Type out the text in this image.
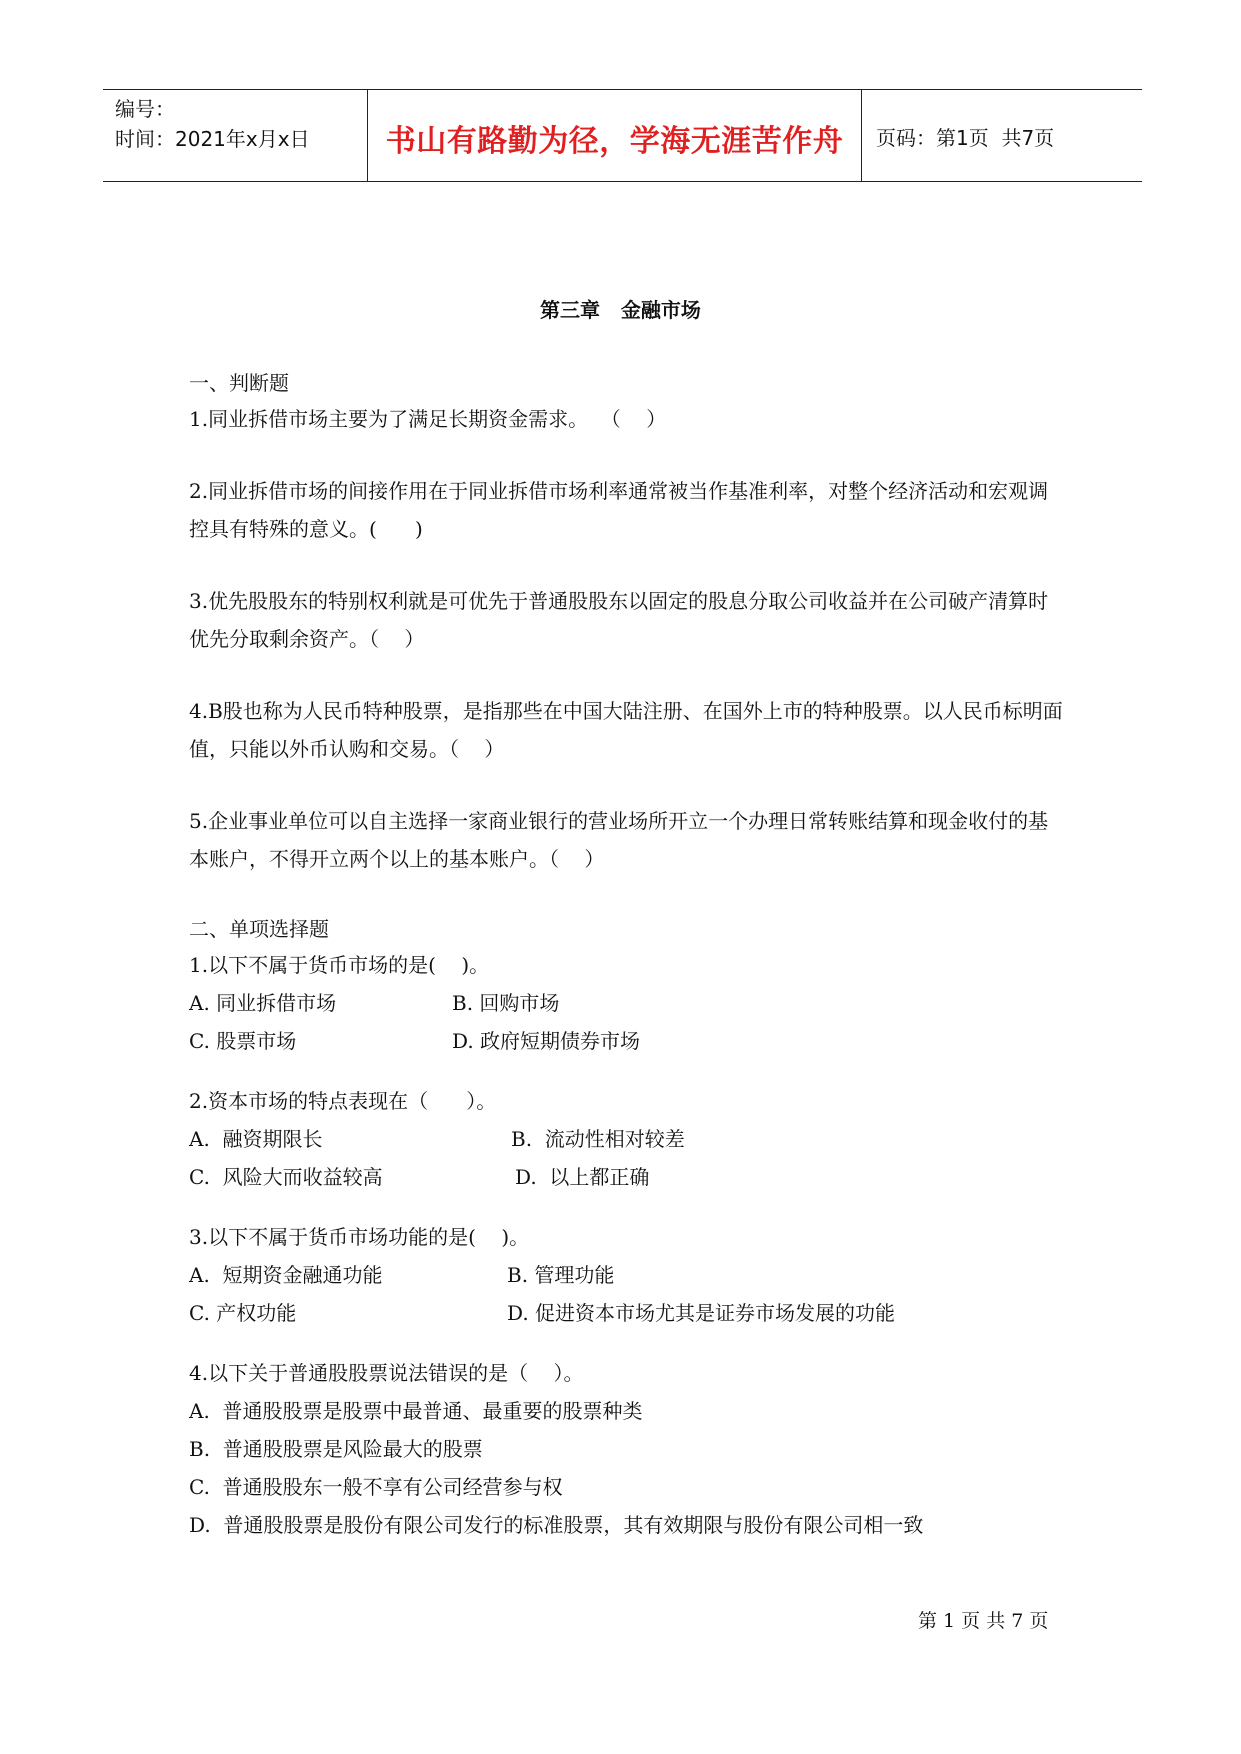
编号：
时间：2021年x月x日	书山有路勤为径，学海无涯苦作舟	页码：第1页  共7页
第三章   金融市场

一、判断题

1.同业拆借市场主要为了满足长期资金需求。  （    ）

2.同业拆借市场的间接作用在于同业拆借市场利率通常被当作基准利率，对整个经济活动和宏观调控具有特殊的意义。(      )

3.优先股股东的特别权利就是可优先于普通股股东以固定的股息分取公司收益并在公司破产清算时优先分取剩余资产。（    ）

4.B股也称为人民币特种股票，是指那些在中国大陆注册、在国外上市的特种股票。以人民币标明面值，只能以外币认购和交易。（    ）

5.企业事业单位可以自主选择一家商业银行的营业场所开立一个办理日常转账结算和现金收付的基本账户，不得开立两个以上的基本账户。（    ）

二、单项选择题

1.以下不属于货币市场的是(    )。

A. 同业拆借市场	B. 回购市场
C. 股票市场	D. 政府短期债券市场

2.资本市场的特点表现在（      ）。

A.  融资期限长	B.  流动性相对较差
C.  风险大而收益较高	D.  以上都正确

3.以下不属于货币市场功能的是(    )。

A.  短期资金融通功能	B. 管理功能
C. 产权功能	D. 促进资本市场尤其是证券市场发展的功能

4.以下关于普通股股票说法错误的是（    ）。

A.  普通股股票是股票中最普通、最重要的股票种类
B.  普通股股票是风险最大的股票
C.  普通股股东一般不享有公司经营参与权
D.  普通股股票是股份有限公司发行的标准股票，其有效期限与股份有限公司相一致
第 1 页 共 7 页
